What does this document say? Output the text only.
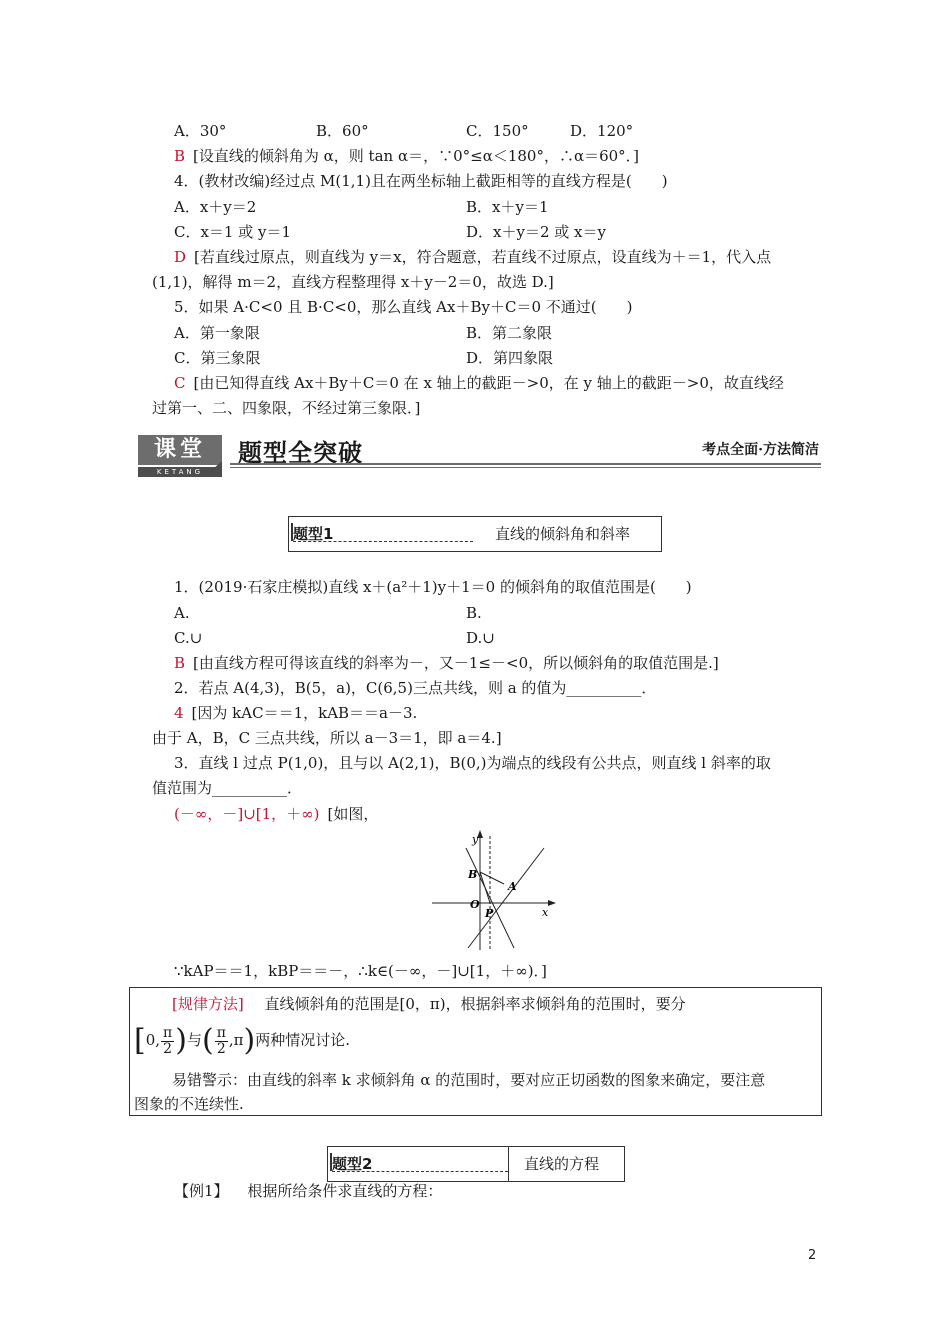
A．30°	B．60°	C．150°	D．120°
B [设直线的倾斜角为 α，则 tan α＝，∵0°≤α＜180°，∴α＝60°．]
4．(教材改编)经过点 M(1,1)且在两坐标轴上截距相等的直线方程是(　　)
A．x＋y＝2	B．x＋y＝1
C．x＝1 或 y＝1	D．x＋y＝2 或 x＝y
D [若直线过原点，则直线为 y＝x，符合题意，若直线不过原点，设直线为＋＝1，代入点
(1,1)，解得 m＝2，直线方程整理得 x＋y－2＝0，故选 D.]
5．如果 A·C<0 且 B·C<0，那么直线 Ax＋By＋C＝0 不通过(　　)
A．第一象限	B．第二象限
C．第三象限	D．第四象限
C [由已知得直线 Ax＋By＋C＝0 在 x 轴上的截距－>0，在 y 轴上的截距－>0，故直线经
过第一、二、四象限，不经过第三象限．]
课堂
KETANG
题型全突破	考点全面·方法简洁
题型1	直线的倾斜角和斜率
1．(2019·石家庄模拟)直线 x＋(a²＋1)y＋1＝0 的倾斜角的取值范围是(　　)
A.	B.
C.∪	D.∪
B [由直线方程可得该直线的斜率为－，又－1≤－<0，所以倾斜角的取值范围是.]
2．若点 A(4,3)，B(5，a)，C(6,5)三点共线，则 a 的值为__________．
4 [因为 kAC＝＝1，kAB＝＝a－3.
由于 A，B，C 三点共线，所以 a－3＝1，即 a＝4.]
3．直线 l 过点 P(1,0)，且与以 A(2,1)，B(0,)为端点的线段有公共点，则直线 l 斜率的取
值范围为__________．
(－∞，－]∪[1，＋∞) [如图，
y
x
B
A
O
P
∵kAP＝＝1，kBP＝＝－，∴k∈(－∞，－]∪[1，＋∞)．]
[规律方法] 直线倾斜角的范围是[0，π)，根据斜率求倾斜角的范围时，要分
[0, $\frac{\pi}{2}$ )与( $\frac{\pi}{2} ,\pi$)两种情况讨论.
易错警示：由直线的斜率 k 求倾斜角 α 的范围时，要对应正切函数的图象来确定，要注意
图象的不连续性.
题型2	直线的方程
【例1】 根据所给条件求直线的方程：
2
